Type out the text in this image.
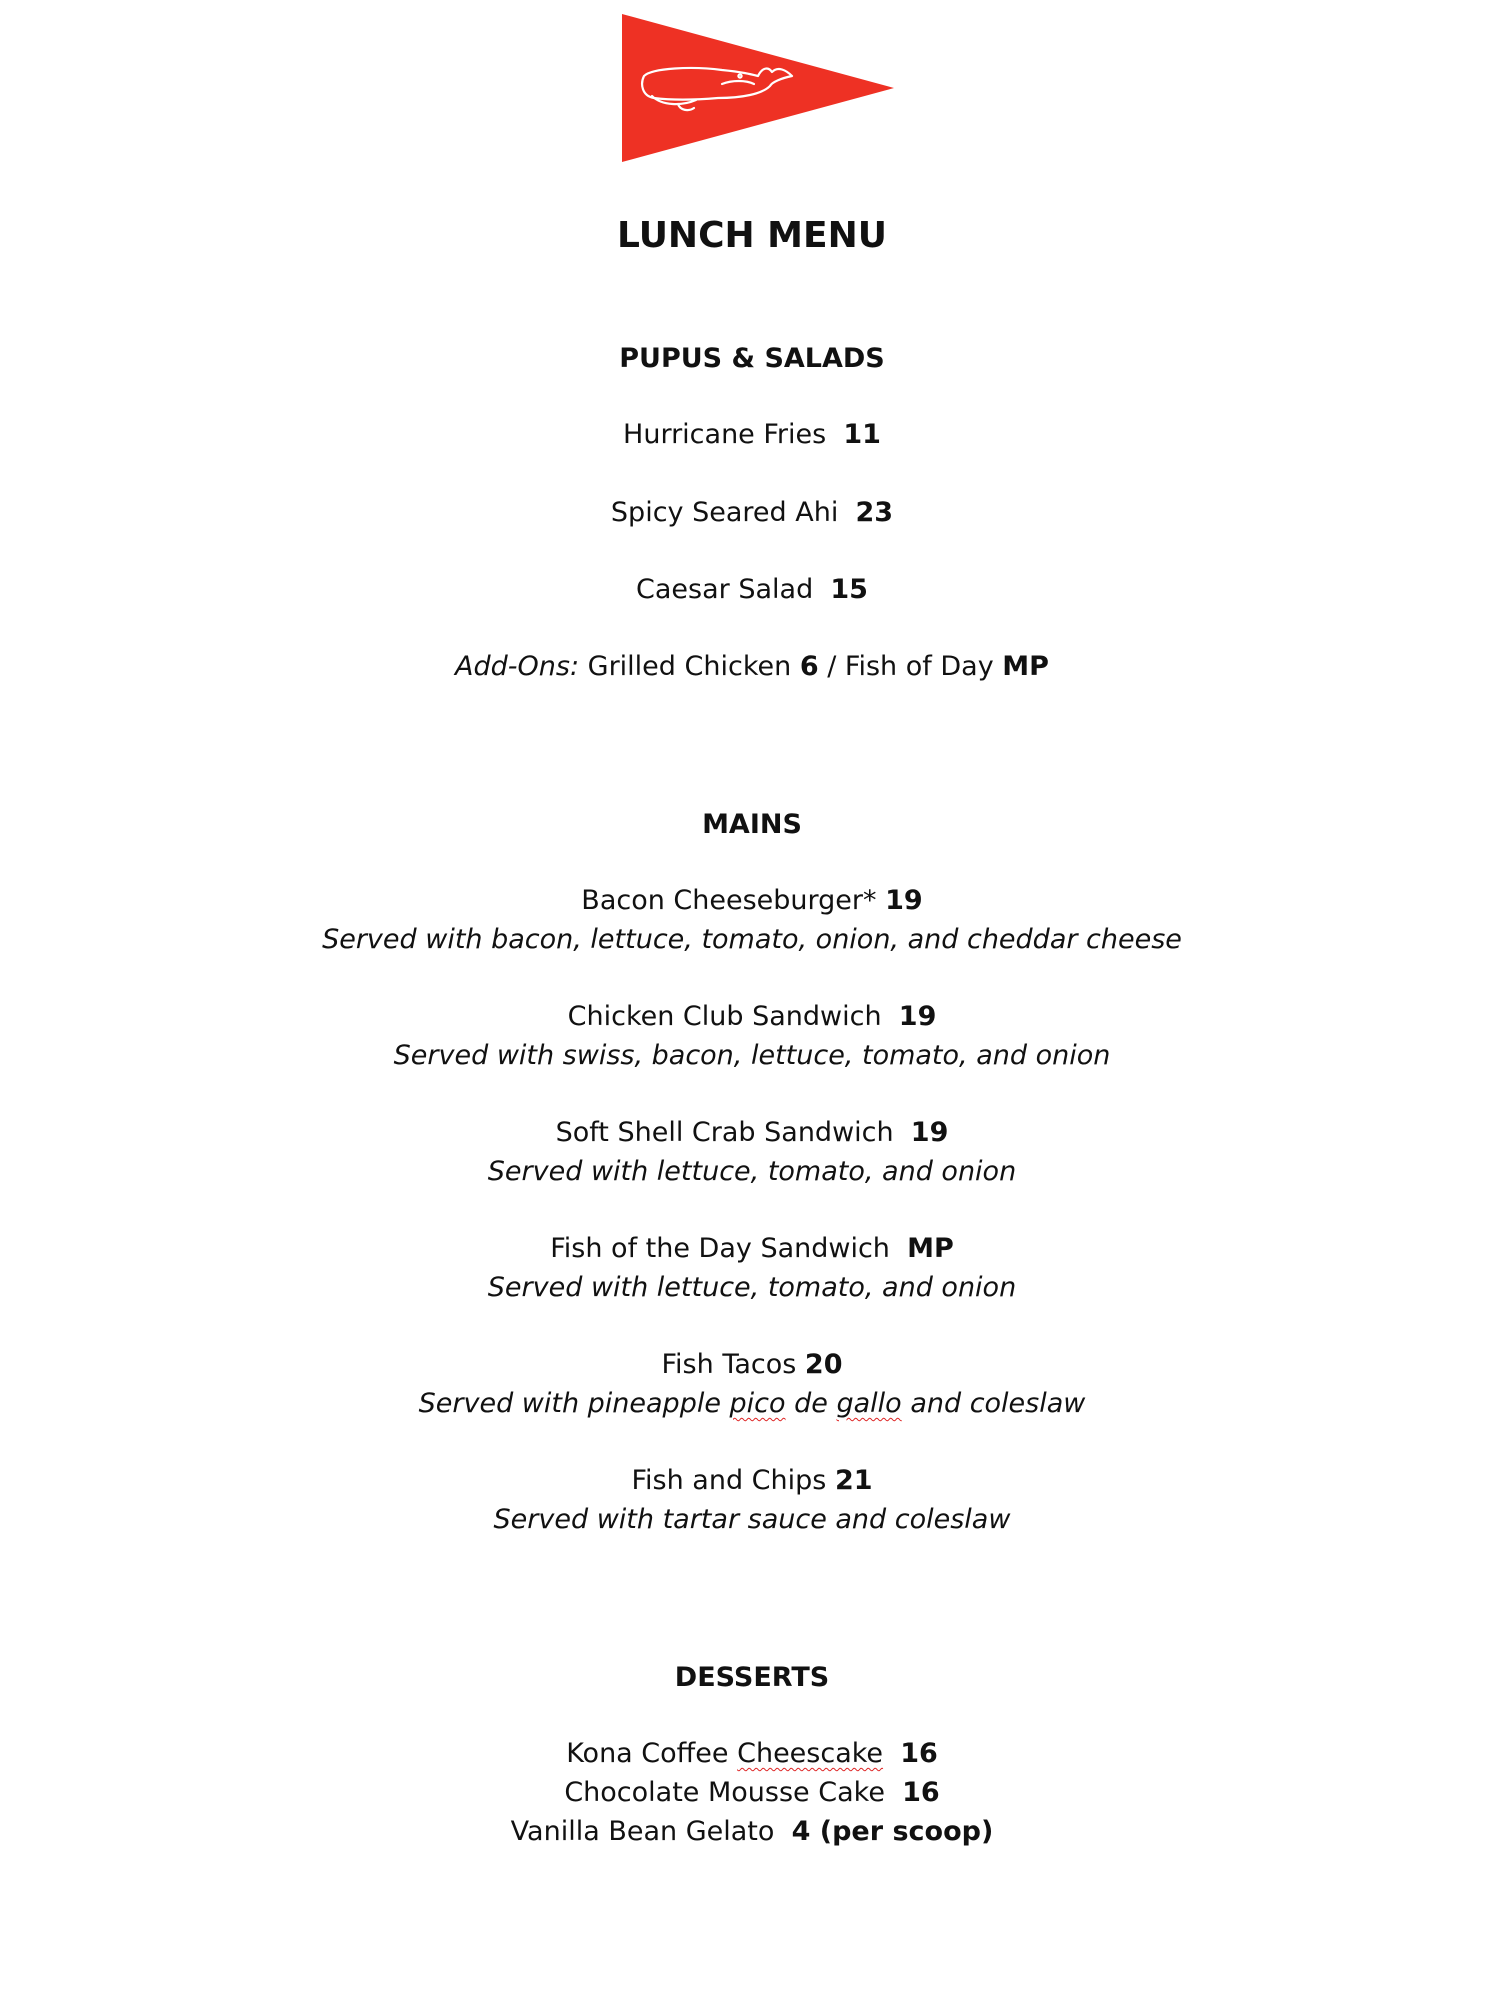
LUNCH MENU
PUPUS & SALADS
Hurricane Fries 11
Spicy Seared Ahi 23
Caesar Salad 15
Add-Ons: Grilled Chicken 6 / Fish of Day MP
MAINS
Bacon Cheeseburger* 19
Served with bacon, lettuce, tomato, onion, and cheddar cheese
Chicken Club Sandwich 19
Served with swiss, bacon, lettuce, tomato, and onion
Soft Shell Crab Sandwich 19
Served with lettuce, tomato, and onion
Fish of the Day Sandwich MP
Served with lettuce, tomato, and onion
Fish Tacos 20
Served with pineapple pico de gallo and coleslaw
Fish and Chips 21
Served with tartar sauce and coleslaw
DESSERTS
Kona Coffee Cheescake 16
Chocolate Mousse Cake 16
Vanilla Bean Gelato 4 (per scoop)
